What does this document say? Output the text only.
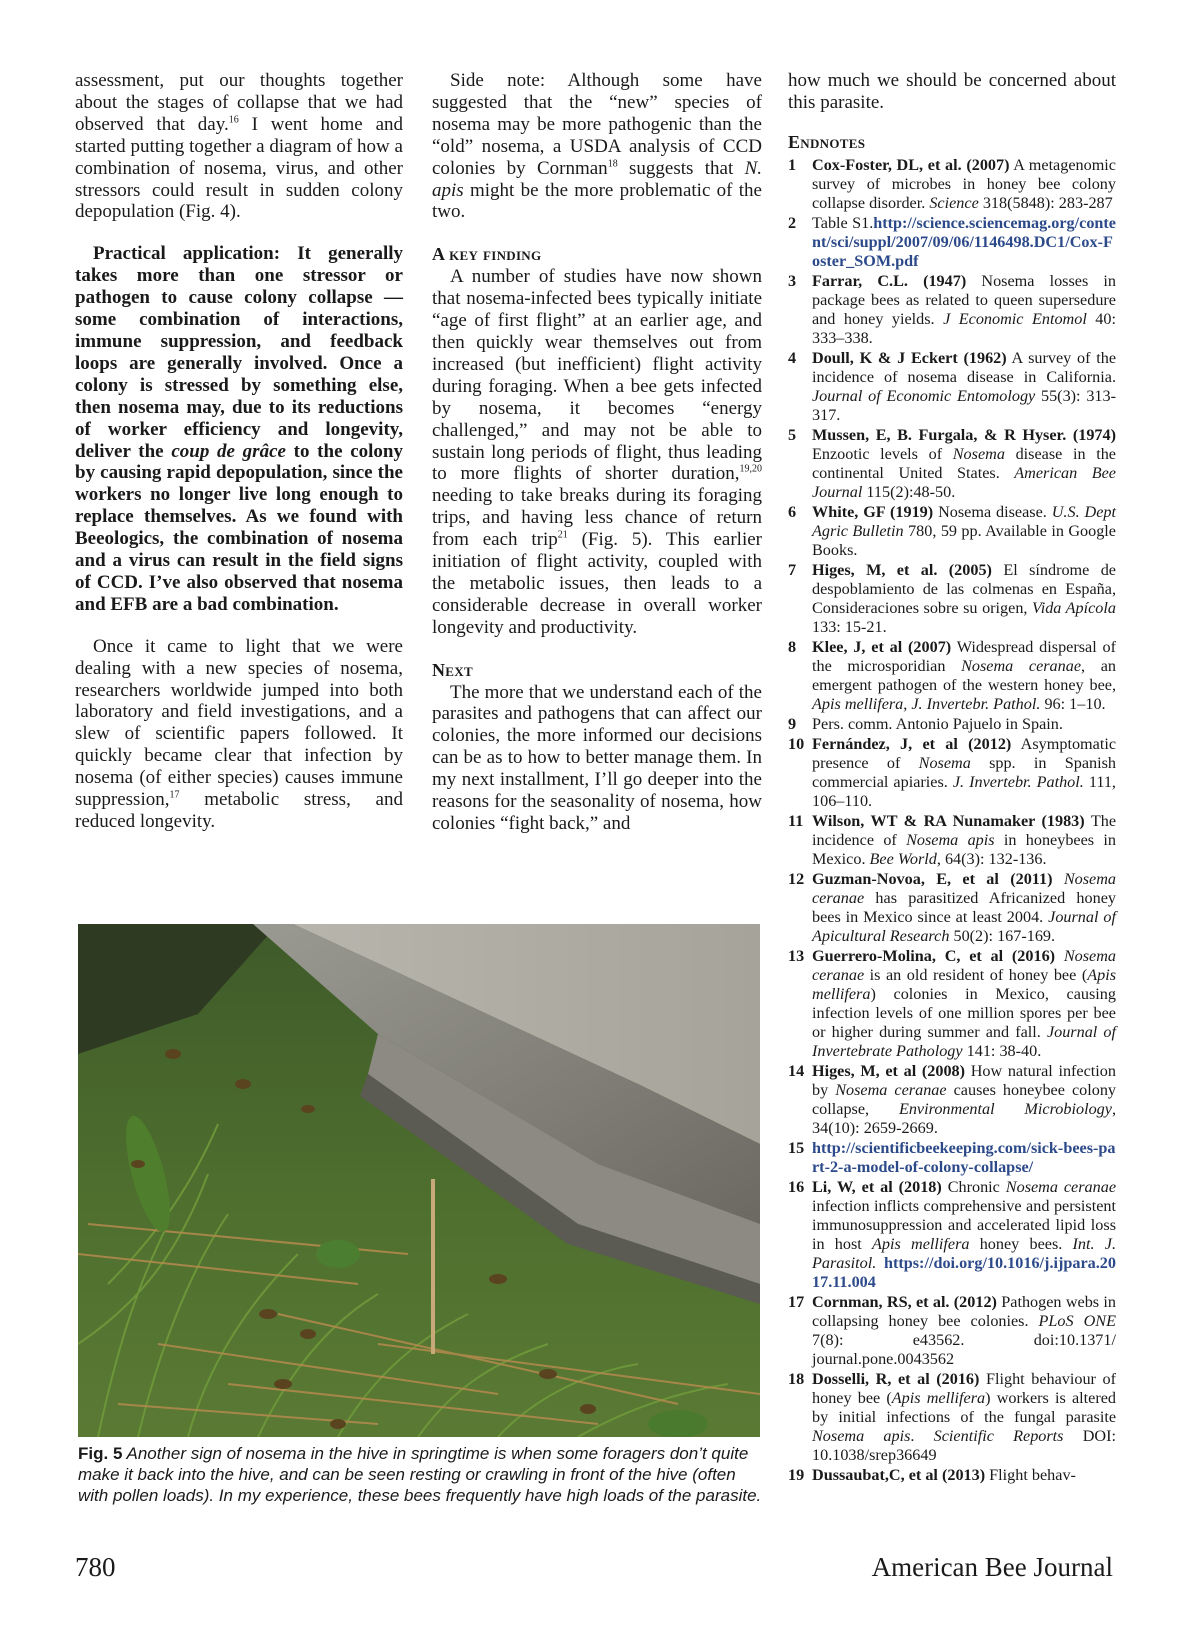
assessment, put our thoughts together about the stages of collapse that we had observed that day.$^{16}$ I went home and started putting together a diagram of how a combination of nosema, virus, and other stressors could result in sudden colony depopulation (Fig. 4).

Practical application: It generally takes more than one stressor or pathogen to cause colony collapse — some combination of interactions, immune suppression, and feedback loops are generally involved. Once a colony is stressed by something else, then nosema may, due to its reductions of worker efficiency and longevity, deliver the coup de grâce to the colony by causing rapid depopulation, since the workers no longer live long enough to replace themselves. As we found with Beeologics, the combination of nosema and a virus can result in the field signs of CCD. I’ve also observed that nosema and EFB are a bad combination.

Once it came to light that we were dealing with a new species of nosema, researchers worldwide jumped into both laboratory and field investigations, and a slew of scientific papers followed. It quickly became clear that infection by nosema (of either species) causes immune suppression,$^{17}$ metabolic stress, and reduced longevity.

Side note: Although some have suggested that the “new” species of nosema may be more pathogenic than the “old” nosema, a USDA analysis of CCD colonies by Cornman$^{18}$ suggests that N. apis might be the more problematic of the two.

A key finding

A number of studies have now shown that nosema-infected bees typically initiate “age of first flight” at an earlier age, and then quickly wear themselves out from increased (but inefficient) flight activity during foraging. When a bee gets infected by nosema, it becomes “energy challenged,” and may not be able to sustain long periods of flight, thus leading to more flights of shorter duration,$^{19,20}$ needing to take breaks during its foraging trips, and having less chance of return from each trip$^{21}$ (Fig. 5). This earlier initiation of flight activity, coupled with the metabolic issues, then leads to a considerable decrease in overall worker longevity and productivity.

Next

The more that we understand each of the parasites and pathogens that can affect our colonies, the more informed our decisions can be as to how to better manage them. In my next installment, I’ll go deeper into the reasons for the seasonality of nosema, how colonies “fight back,” and

how much we should be concerned about this parasite.

Endnotes

1 Cox-Foster, DL, et al. (2007) A metagenomic survey of microbes in honey bee colony collapse disorder. Science 318(5848): 283-287
2 Table S1.http://science.sciencemag.org/content/sci/suppl/2007/09/06/1146498.DC1/Cox-Foster_SOM.pdf
3 Farrar, C.L. (1947) Nosema losses in package bees as related to queen supersedure and honey yields. J Economic Entomol 40: 333–338.
4 Doull, K & J Eckert (1962) A survey of the incidence of nosema disease in California. Journal of Economic Entomology 55(3): 313-317.
5 Mussen, E, B. Furgala, & R Hyser. (1974) Enzootic levels of Nosema disease in the continental United States. American Bee Journal 115(2):48-50.
6 White, GF (1919) Nosema disease. U.S. Dept Agric Bulletin 780, 59 pp. Available in Google Books.
7 Higes, M, et al. (2005) El síndrome de despoblamiento de las colmenas en España, Consideraciones sobre su origen, Vida Apícola 133: 15-21.
8 Klee, J, et al (2007) Widespread dispersal of the microsporidian Nosema ceranae, an emergent pathogen of the western honey bee, Apis mellifera, J. Invertebr. Pathol. 96: 1–10.
9 Pers. comm. Antonio Pajuelo in Spain.
10 Fernández, J, et al (2012) Asymptomatic presence of Nosema spp. in Spanish commercial apiaries. J. Invertebr. Pathol. 111, 106–110.
11 Wilson, WT & RA Nunamaker (1983) The incidence of Nosema apis in honeybees in Mexico. Bee World, 64(3): 132-136.
12 Guzman-Novoa, E, et al (2011) Nosema ceranae has parasitized Africanized honey bees in Mexico since at least 2004. Journal of Apicultural Research 50(2): 167-169.
13 Guerrero-Molina, C, et al (2016) Nosema ceranae is an old resident of honey bee (Apis mellifera) colonies in Mexico, causing infection levels of one million spores per bee or higher during summer and fall. Journal of Invertebrate Pathology 141: 38-40.
14 Higes, M, et al (2008) How natural infection by Nosema ceranae causes honeybee colony collapse, Environmental Microbiology, 34(10): 2659-2669.
15 http://scientificbeekeeping.com/sick-bees-part-2-a-model-of-colony-collapse/
16 Li, W, et al (2018) Chronic Nosema ceranae infection inflicts comprehensive and persistent immunosuppression and accelerated lipid loss in host Apis mellifera honey bees. Int. J. Parasitol. https://doi.org/10.1016/j.ijpara.2017.11.004
17 Cornman, RS, et al. (2012) Pathogen webs in collapsing honey bee colonies. PLoS ONE 7(8): e43562. doi:10.1371/ journal.pone.0043562
18 Dosselli, R, et al (2016) Flight behaviour of honey bee (Apis mellifera) workers is altered by initial infections of the fungal parasite Nosema apis. Scientific Reports DOI: 10.1038/srep36649
19 Dussaubat,C, et al (2013) Flight behav-
Fig. 5 Another sign of nosema in the hive in springtime is when some foragers don’t quite make it back into the hive, and can be seen resting or crawling in front of the hive (often with pollen loads). In my experience, these bees frequently have high loads of the parasite.
780	American Bee Journal
